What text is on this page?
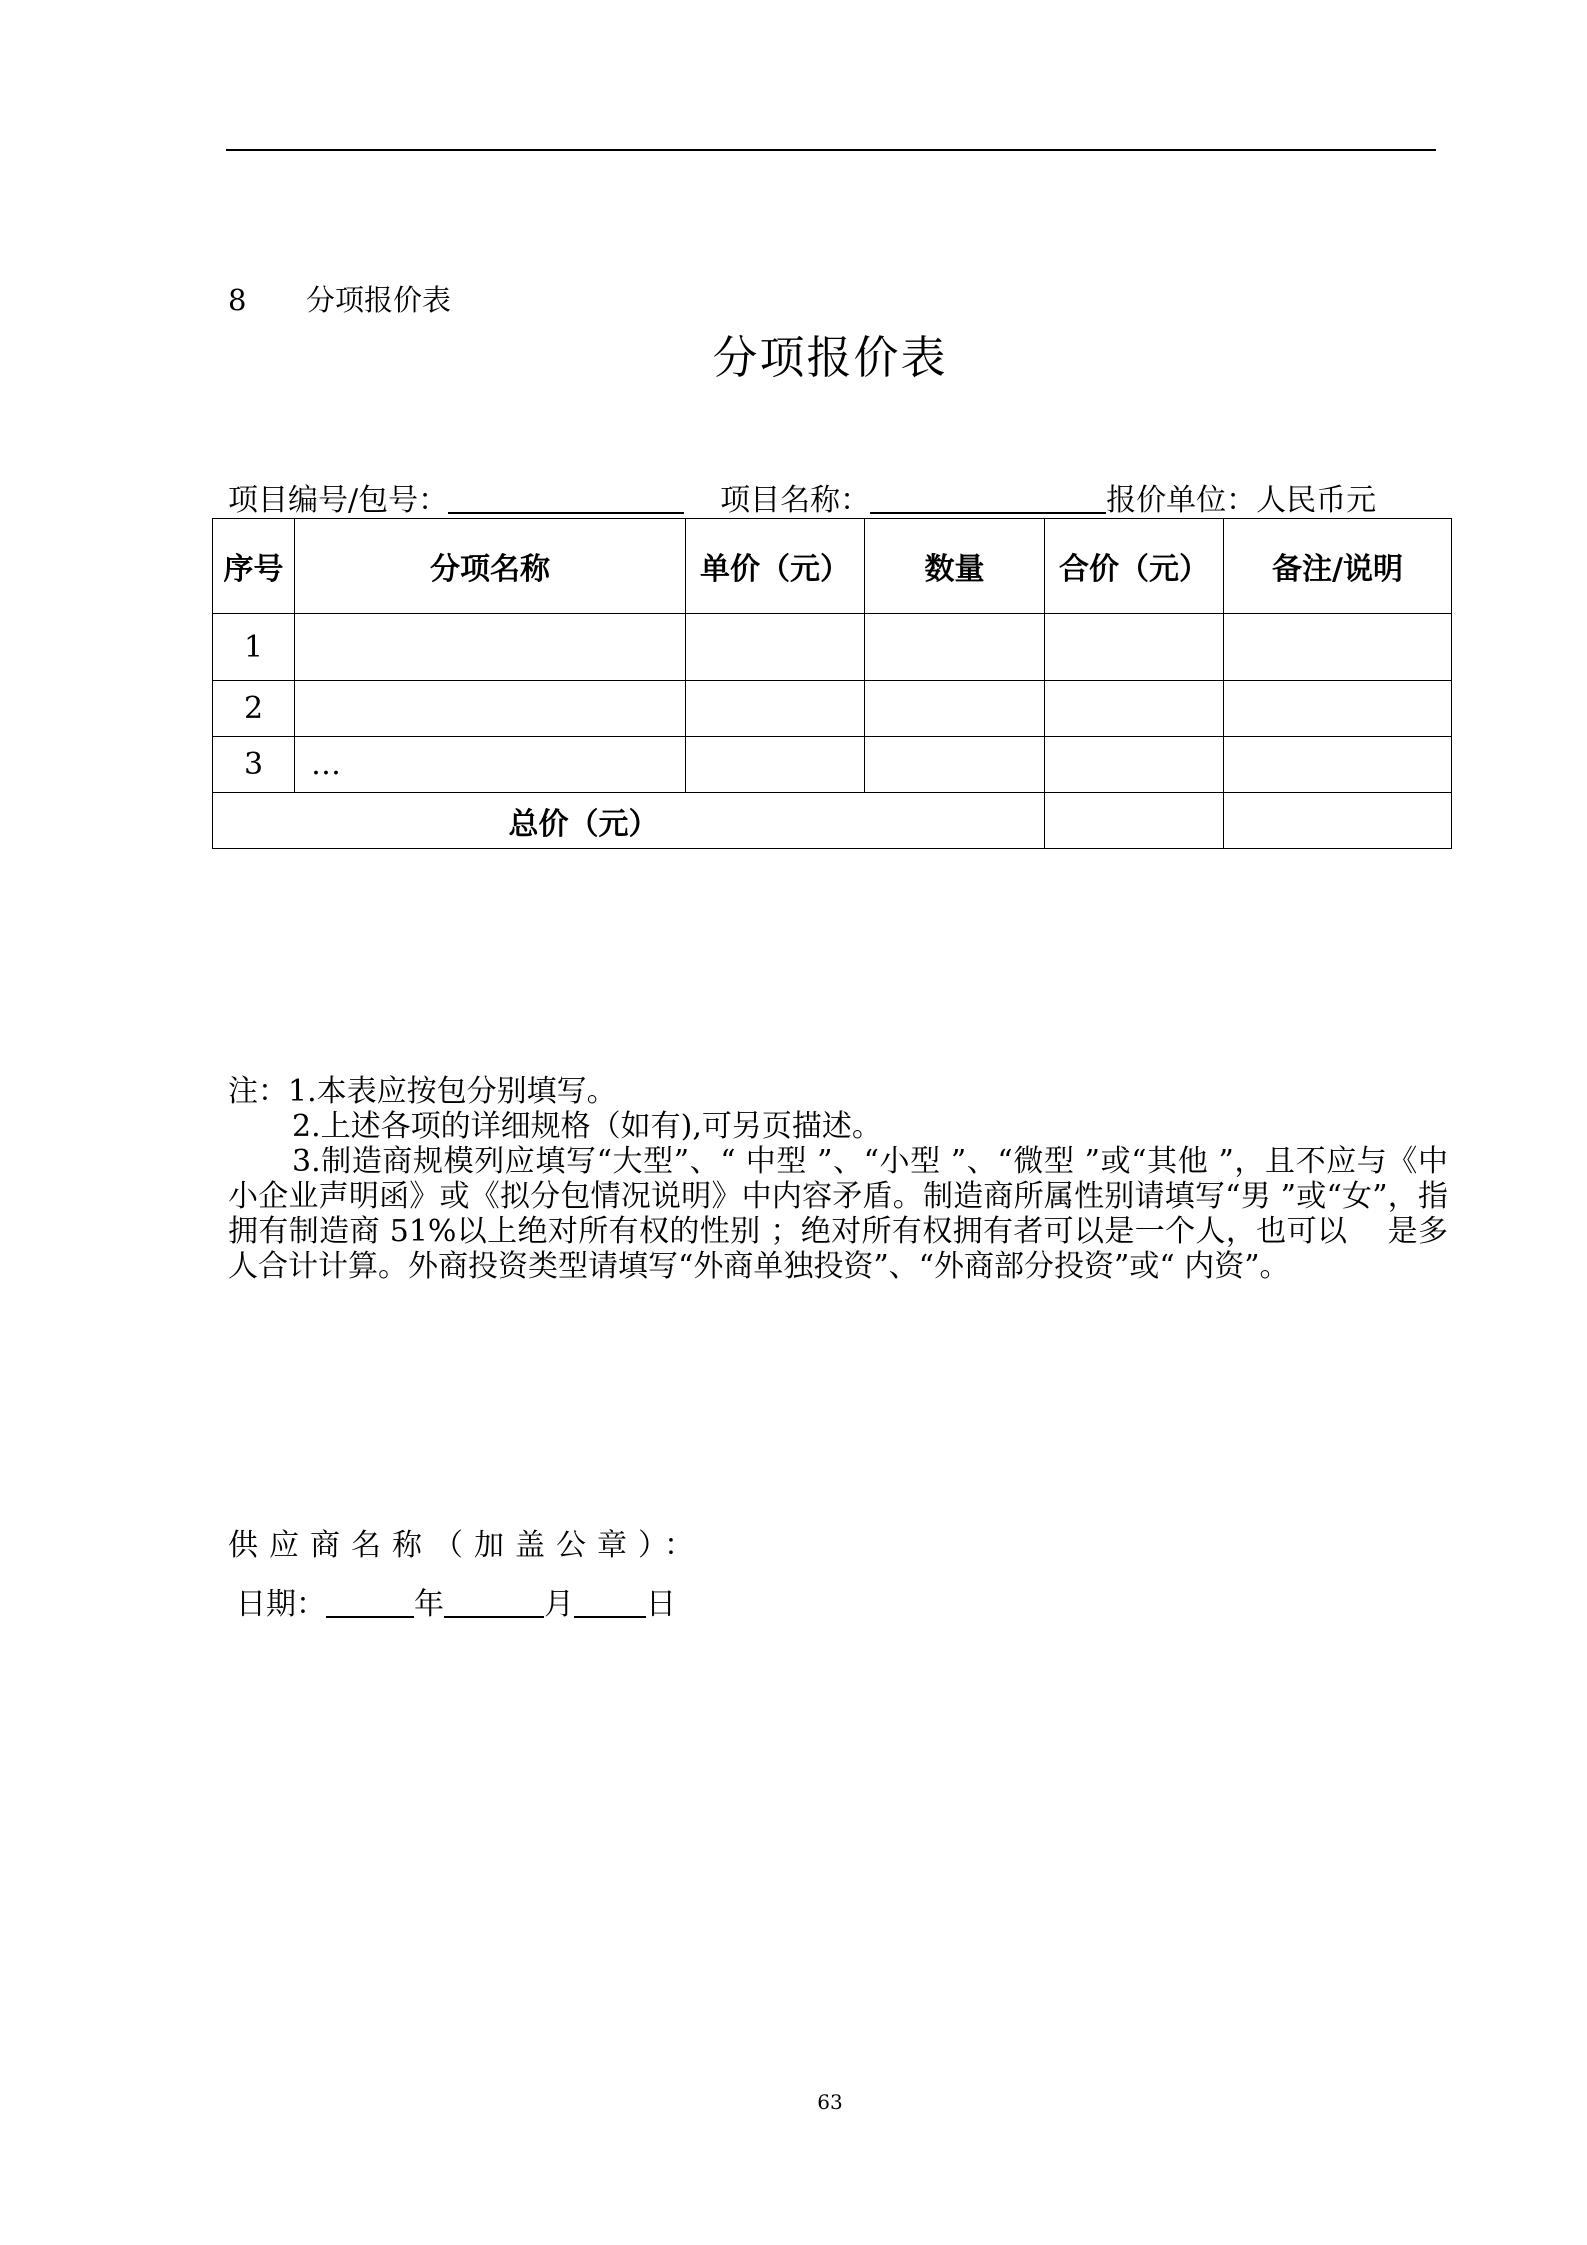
8 分项报价表
分项报价表
项目编号/包号：	项目名称：	报价单位：人民币元
序号	分项名称	单价（元）	数量	合价（元）	备注/说明
1					
2					
3	…				
总价（元）					

注：1.本表应按包分别填写。

2.上述各项的详细规格（如有),可另页描述。

3.制造商规模列应填写“大型”、“ 中型 ”、“小型 ”、“微型 ”或“其他 ”，且不应与《中　小企业声明函》或《拟分包情况说明》中内容矛盾。制造商所属性别请填写“男 ”或“女”，指拥有制造商 51%以上绝对所有权的性别 ；绝对所有权拥有者可以是一个人，也可以　 是多人合计计算。外商投资类型请填写“外商单独投资”、“外商部分投资”或“ 内资”。

供应商名称（加盖公章）：
日期：	年	月 日
63
